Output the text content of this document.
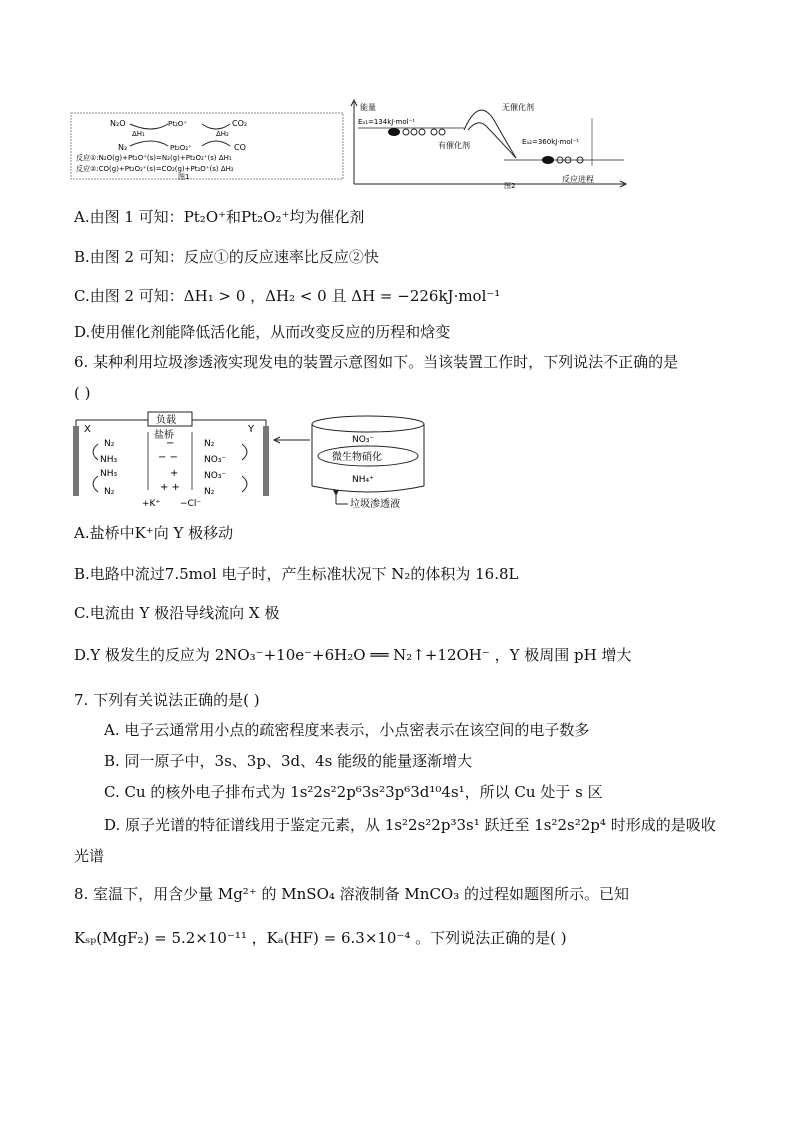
N₂O
N₂
ΔH₁
Pt₂O⁺
Pt₂O₂⁺
ΔH₂
CO₂
CO
反应①:N₂O(g)+Pt₂O⁺(s)=N₂(g)+Pt₂O₂⁺(s) ΔH₁
反应②:CO(g)+Pt₂O₂⁺(s)=CO₂(g)+Pt₂O⁺(s) ΔH₂
图1
能量
反应进程
无催化剂
有催化剂
Eₐ₁=134kJ·mol⁻¹
Eₐ₂=360kJ·mol⁻¹
图2
A.由图 1 可知：Pt₂O⁺和Pt₂O₂⁺均为催化剂
B.由图 2 可知：反应①的反应速率比反应②快
C.由图 2 可知：ΔH₁ > 0 ，ΔH₂ < 0 且 ΔH = −226kJ·mol⁻¹
D.使用催化剂能降低活化能，从而改变反应的历程和焓变
6. 某种利用垃圾渗透液实现发电的装置示意图如下。当该装置工作时，下列说法不正确的是
( )
X	Y
负载
盐桥
N₂
NH₃
NH₃
N₂
−
− −
+
+ +
+K⁺ −Cl⁻
N₂
NO₃⁻
NO₃⁻
N₂
NO₃⁻
微生物硝化
NH₄⁺
垃圾渗透液
A.盐桥中K⁺向 Y 极移动
B.电路中流过7.5mol 电子时，产生标准状况下 N₂的体积为 16.8L
C.电流由 Y 极沿导线流向 X 极
D.Y 极发生的反应为 2NO₃⁻+10e⁻+6H₂O ══ N₂↑+12OH⁻ ，Y 极周围 pH 增大
7. 下列有关说法正确的是( )
A. 电子云通常用小点的疏密程度来表示，小点密表示在该空间的电子数多
B. 同一原子中，3s、3p、3d、4s 能级的能量逐渐增大
C. Cu 的核外电子排布式为 1s²2s²2p⁶3s²3p⁶3d¹⁰4s¹，所以 Cu 处于 s 区
D. 原子光谱的特征谱线用于鉴定元素，从 1s²2s²2p³3s¹ 跃迁至 1s²2s²2p⁴ 时形成的是吸收
光谱
8. 室温下，用含少量 Mg²⁺ 的 MnSO₄ 溶液制备 MnCO₃ 的过程如题图所示。已知
Kₛₚ(MgF₂) = 5.2×10⁻¹¹ ，Kₐ(HF) = 6.3×10⁻⁴ 。下列说法正确的是( )
